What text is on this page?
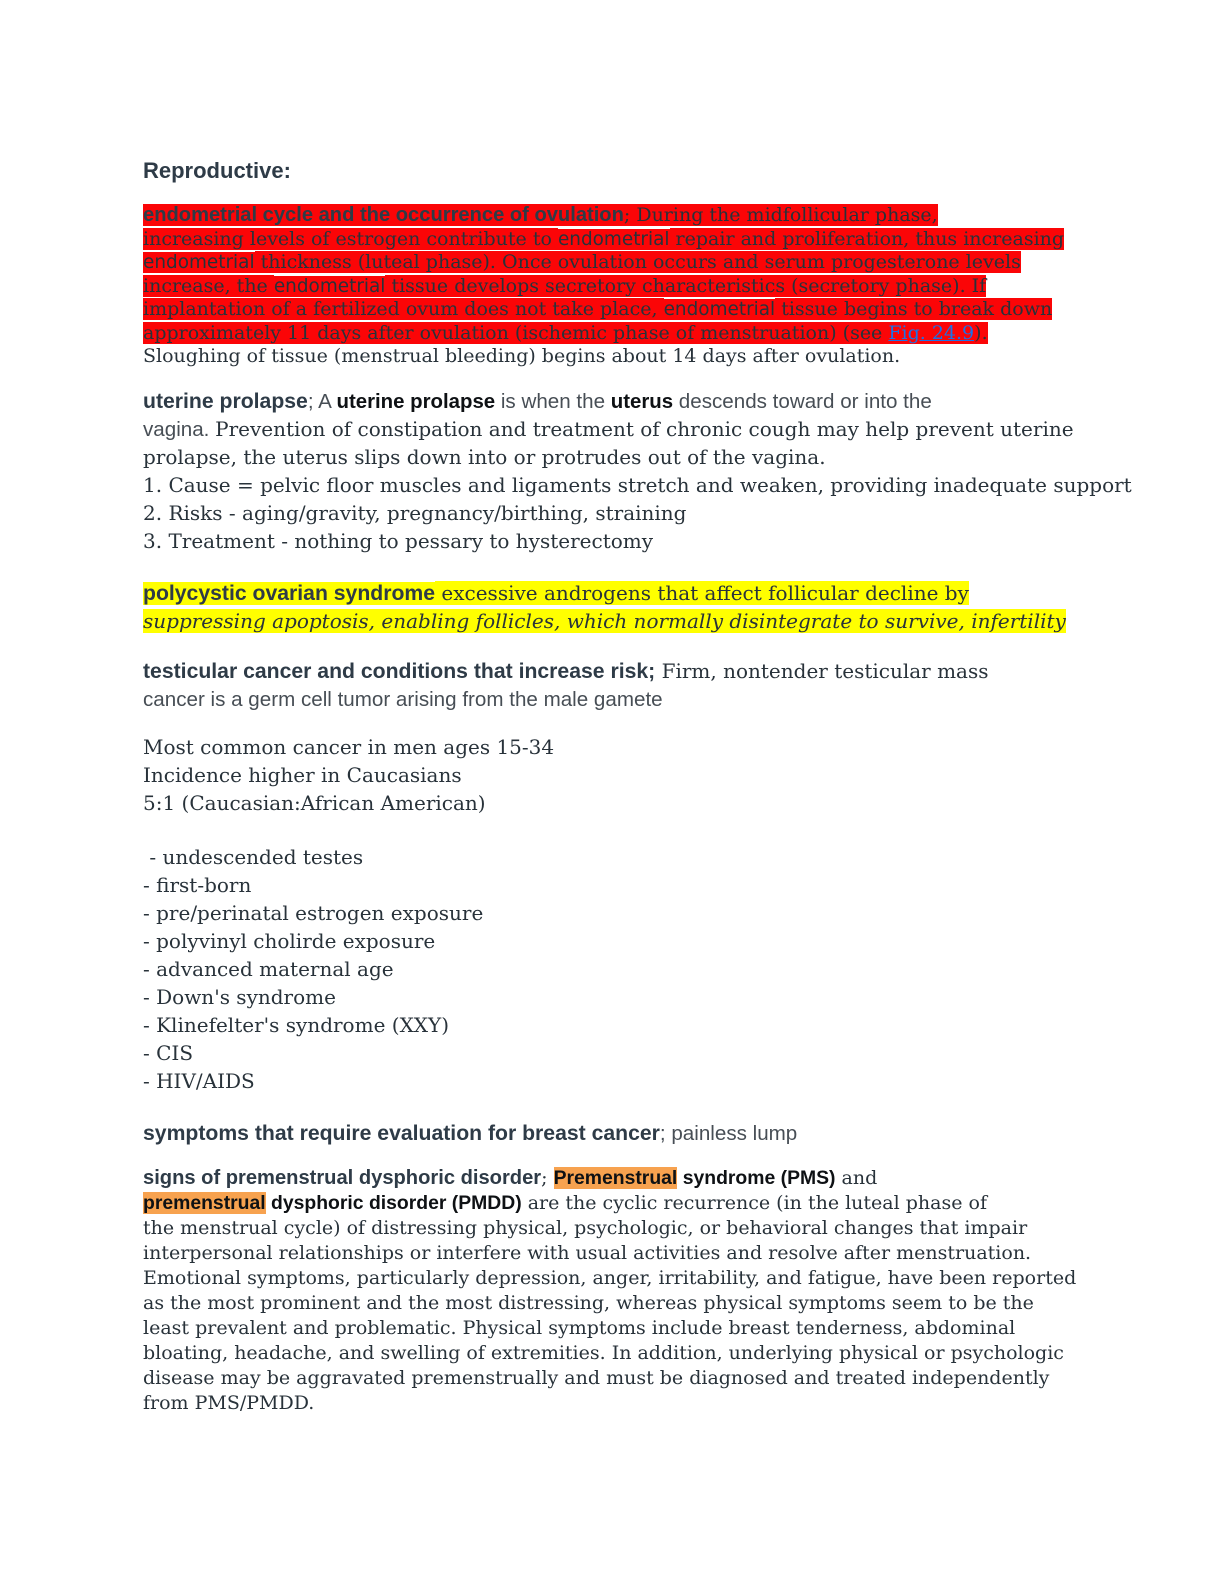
Reproductive:
endometrial cycle and the occurrence of ovulation; During the midfollicular phase,
increasing levels of estrogen contribute to endometrial repair and proliferation, thus increasing
endometrial thickness (luteal phase). Once ovulation occurs and serum progesterone levels
increase, the endometrial tissue develops secretory characteristics (secretory phase). If
implantation of a fertilized ovum does not take place, endometrial tissue begins to break down
approximately 11 days after ovulation (ischemic phase of menstruation) (see Fig. 24.9).
Sloughing of tissue (menstrual bleeding) begins about 14 days after ovulation.
uterine prolapse; A uterine prolapse is when the uterus descends toward or into the
vagina. Prevention of constipation and treatment of chronic cough may help prevent uterine
prolapse, the uterus slips down into or protrudes out of the vagina.
1. Cause = pelvic floor muscles and ligaments stretch and weaken, providing inadequate support
2. Risks - aging/gravity, pregnancy/birthing, straining
3. Treatment - nothing to pessary to hysterectomy
polycystic ovarian syndrome excessive androgens that affect follicular decline by
suppressing apoptosis, enabling follicles, which normally disintegrate to survive, infertility
testicular cancer and conditions that increase risk; Firm, nontender testicular mass
cancer is a germ cell tumor arising from the male gamete
Most common cancer in men ages 15-34
Incidence higher in Caucasians
5:1 (Caucasian:African American)
- undescended testes
- first-born
- pre/perinatal estrogen exposure
- polyvinyl cholirde exposure
- advanced maternal age
- Down's syndrome
- Klinefelter's syndrome (XXY)
- CIS
- HIV/AIDS
symptoms that require evaluation for breast cancer; painless lump
signs of premenstrual dysphoric disorder; Premenstrual syndrome (PMS) and
premenstrual dysphoric disorder (PMDD) are the cyclic recurrence (in the luteal phase of
the menstrual cycle) of distressing physical, psychologic, or behavioral changes that impair
interpersonal relationships or interfere with usual activities and resolve after menstruation.
Emotional symptoms, particularly depression, anger, irritability, and fatigue, have been reported
as the most prominent and the most distressing, whereas physical symptoms seem to be the
least prevalent and problematic. Physical symptoms include breast tenderness, abdominal
bloating, headache, and swelling of extremities. In addition, underlying physical or psychologic
disease may be aggravated premenstrually and must be diagnosed and treated independently
from PMS/PMDD.
